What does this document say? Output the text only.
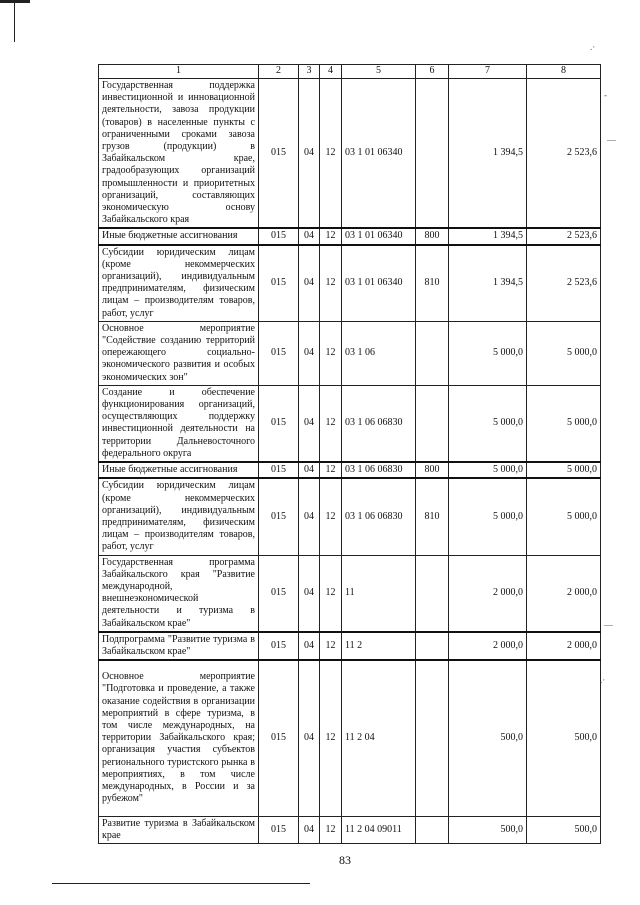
1	2	3	4	5	6	7	8
Государственная поддержка инвестиционной и инновационной деятельности, завоза продукции (товаров) в населенные пункты с ограниченными сроками завоза грузов (продукции) в Забайкальском крае, градообразующих организаций промышленности и приоритетных организаций, составляющих экономическую основу Забайкальского края	015	04	12	03 1 01 06340		1 394,5	2 523,6
Иные бюджетные ассигнования	015	04	12	03 1 01 06340	800	1 394,5	2 523,6
Субсидии юридическим лицам (кроме некоммерческих организаций), индивидуальным предпринимателям, физическим лицам – производителям товаров, работ, услуг	015	04	12	03 1 01 06340	810	1 394,5	2 523,6
Основное мероприятие "Содействие созданию территорий опережающего социально-экономического развития и особых экономических зон"	015	04	12	03 1 06		5 000,0	5 000,0
Создание и обеспечение функционирования организаций, осуществляющих поддержку инвестиционной деятельности на территории Дальневосточного федерального округа	015	04	12	03 1 06 06830		5 000,0	5 000,0
Иные бюджетные ассигнования	015	04	12	03 1 06 06830	800	5 000,0	5 000,0
Субсидии юридическим лицам (кроме некоммерческих организаций), индивидуальным предпринимателям, физическим лицам – производителям товаров, работ, услуг	015	04	12	03 1 06 06830	810	5 000,0	5 000,0
Государственная программа Забайкальского края "Развитие международной, внешнеэкономической деятельности и туризма в Забайкальском крае"	015	04	12	11		2 000,0	2 000,0
Подпрограмма "Развитие туризма в Забайкальском крае"	015	04	12	11 2		2 000,0	2 000,0
Основное мероприятие "Подготовка и проведение, а также оказание содействия в организации мероприятий в сфере туризма, в том числе международных, на территории Забайкальского края; организация участия субъектов регионального туристского рынка в мероприятиях, в том числе международных, в России и за рубежом"	015	04	12	11 2 04		500,0	500,0
Развитие туризма в Забайкальском крае	015	04	12	11 2 04 09011		500,0	500,0
.·
-
—
—
.·
83
